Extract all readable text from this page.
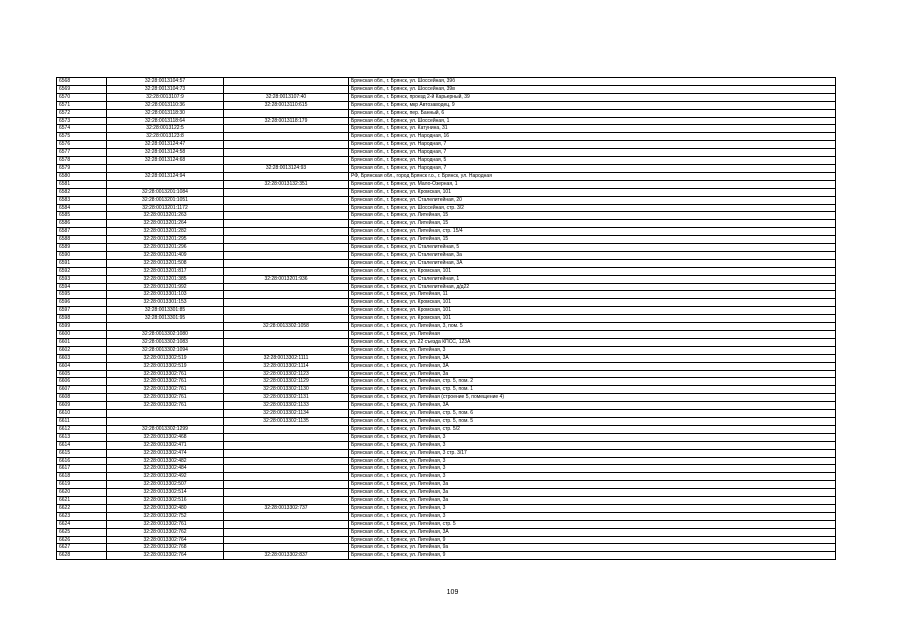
6568	32:28:0013104:57		Брянская обл., г. Брянск, ул. Шоссейная, 39б
6569	32:28:0013104:73		Брянская обл., г. Брянск, ул. Шоссейная, 39в
6570	32:28:0013107:9	32:28:0013107:40	Брянская обл., г. Брянск, проезд 2-й Карьерный, 39
6571	32:28:0013110:36	32:28:0013110:615	Брянская обл., г. Брянск, мкр Автозаводец, 9
6572	32:28:0013118:30		Брянская обл., г. Брянск, пер. Банный, 6
6573	32:28:0013118:64	32:28:0013118:179	Брянская обл., г. Брянск, ул. Шоссейная, 1
6574	32:28:0013122:5		Брянская обл., г. Брянск, ул. Катунина, 31
6575	32:28:0013123:8		Брянская обл., г. Брянск, ул. Народная, 16
6576	32:28:0013124:47		Брянская обл., г. Брянск, ул. Народная, 7
6577	32:28:0013124:58		Брянская обл., г. Брянск, ул. Народная, 7
6578	32:28:0013124:68		Брянская обл., г. Брянск, ул. Народная, 5
6579		32:28:0013124:93	Брянская обл., г. Брянск, ул. Народная, 7
6580	32:28:0013124:94		РФ, Брянская обл., город Брянск г.о., г. Брянск, ул. Народная
6581		32:28:0013132:351	Брянская обл., г. Брянск, ул. Мало-Озерная, 1
6582	32:28:0013201:1084		Брянская обл., г. Брянск, ул. Кромская, 101
6583	32:28:0013201:1051		Брянская обл., г. Брянск, ул. Сталелитейная, 20
6584	32:28:0013201:1172		Брянская обл., г. Брянск, ул. Шоссейная, стр. 3/2
6585	32:28:0013201:263		Брянская обл., г. Брянск, ул. Литейная, 15
6586	32:28:0013201:264		Брянская обл., г. Брянск, ул. Литейная, 15
6587	32:28:0013201:282		Брянская обл., г. Брянск, ул. Литейная, стр. 15/4
6588	32:28:0013201:295		Брянская обл., г. Брянск, ул. Литейная, 15
6589	32:28:0013201:296		Брянская обл., г. Брянск, ул. Сталелитейная, 5
6590	32:28:0013201:409		Брянская обл., г. Брянск, ул. Сталелитейная, 3а
6591	32:28:0013201:508		Брянская обл., г. Брянск, ул. Сталелитейная, 3А
6592	32:28:0013201:817		Брянская обл., г. Брянск, ул. Кромская, 101
6593	32:28:0013201:385	32:28:0013201:936	Брянская обл., г. Брянск, ул. Сталелитейная, 1
6594	32:28:0013201:992		Брянская обл., г. Брянск, ул. Сталелитейная, д/д22
6595	32:28:0013301:103		Брянская обл., г. Брянск, ул. Литейная, 11
6596	32:28:0013301:153		Брянская обл., г. Брянск, ул. Кромская, 101
6597	32:28:0013301:85		Брянская обл., г. Брянск, ул. Кромская, 101
6598	32:28:0013301:95		Брянская обл., г. Брянск, ул. Кромская, 101
6599		32:28:0013302:1058	Брянская обл., г. Брянск, ул. Литейная, 3, пом. 5
6600	32:28:0013302:1080		Брянская обл., г. Брянск, ул. Литейная
6601	32:28:0013302:1083		Брянская обл., г. Брянск, ул. 22 съезда КПСС, 123А
6602	32:28:0013302:1094		Брянская обл., г. Брянск, ул. Литейная, 3
6603	32:28:0013302:519	32:28:0013302:1111	Брянская обл., г. Брянск, ул. Литейная, 3А
6604	32:28:0013302:519	32:28:0013302:1114	Брянская обл., г. Брянск, ул. Литейная, 3А
6605	32:28:0013302:761	32:28:0013302:1123	Брянская обл., г. Брянск, ул. Литейная, 3а
6606	32:28:0013302:761	32:28:0013302:1129	Брянская обл., г. Брянск, ул. Литейная, стр. 5, пом. 2
6607	32:28:0013302:761	32:28:0013302:1130	Брянская обл., г. Брянск, ул. Литейная, стр. 5, пом. 1
6608	32:28:0013302:761	32:28:0013302:1131	Брянская обл., г. Брянск, ул. Литейная (строение 5, помещение 4)
6609	32:28:0013302:761	32:28:0013302:1133	Брянская обл., г. Брянск, ул. Литейная, 3А
6610		32:28:0013302:1134	Брянская обл., г. Брянск, ул. Литейная, стр. 5, пом. 6
6611		32:28:0013302:1135	Брянская обл., г. Брянск, ул. Литейная, стр. 5, пом. 5
6612	32:28:0013302:1299		Брянская обл., г. Брянск, ул. Литейная, стр. 5/2
6613	32:28:0013302:468		Брянская обл., г. Брянск, ул. Литейная, 3
6614	32:28:0013302:471		Брянская обл., г. Брянск, ул. Литейная, 3
6615	32:28:0013302:474		Брянская обл., г. Брянск, ул. Литейная, 3 стр. 3/17
6616	32:28:0013302:482		Брянская обл., г. Брянск, ул. Литейная, 3
6617	32:28:0013302:484		Брянская обл., г. Брянск, ул. Литейная, 3
6618	32:28:0013302:492		Брянская обл., г. Брянск, ул. Литейная, 3
6619	32:28:0013302:507		Брянская обл., г. Брянск, ул. Литейная, 3а
6620	32:28:0013302:514		Брянская обл., г. Брянск, ул. Литейная, 3а
6621	32:28:0013302:516		Брянская обл., г. Брянск, ул. Литейная, 3а
6622	32:28:0013302:480	32:28:0013302:737	Брянская обл., г. Брянск, ул. Литейная, 3
6623	32:28:0013302:752		Брянская обл., г. Брянск, ул. Литейная, 3
6624	32:28:0013302:761		Брянская обл., г. Брянск, ул. Литейная, стр. 5
6625	32:28:0013302:762		Брянская обл., г. Брянск, ул. Литейная, 3А
6626	32:28:0013302:764		Брянская обл., г. Брянск, ул. Литейная, 9
6627	32:28:0013302:768		Брянская обл., г. Брянск, ул. Литейная, 9а
6628	32:28:0013302:764	32:28:0013302:837	Брянская обл., г. Брянск, ул. Литейная, 9
109
